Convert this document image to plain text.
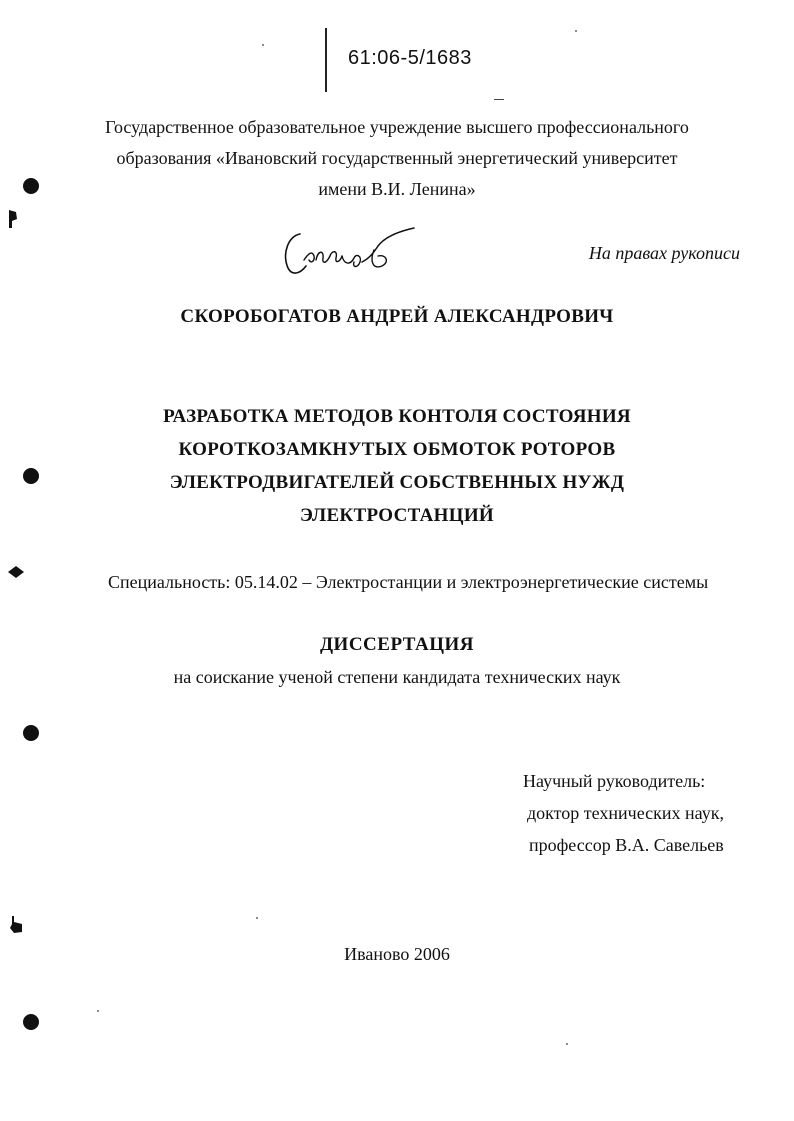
61:06-5/1683
Государственное образовательное учреждение высшего профессионального
образования «Ивановский государственный энергетический университет
имени В.И. Ленина»
На правах рукописи
СКОРОБОГАТОВ АНДРЕЙ АЛЕКСАНДРОВИЧ
РАЗРАБОТКА МЕТОДОВ КОНТОЛЯ СОСТОЯНИЯ
КОРОТКОЗАМКНУТЫХ ОБМОТОК РОТОРОВ
ЭЛЕКТРОДВИГАТЕЛЕЙ СОБСТВЕННЫХ НУЖД
ЭЛЕКТРОСТАНЦИЙ
Специальность: 05.14.02 – Электростанции и электроэнергетические системы
ДИССЕРТАЦИЯ
на соискание ученой степени кандидата технических наук
Научный руководитель:
доктор технических наук,
профессор В.А. Савельев
Иваново 2006
